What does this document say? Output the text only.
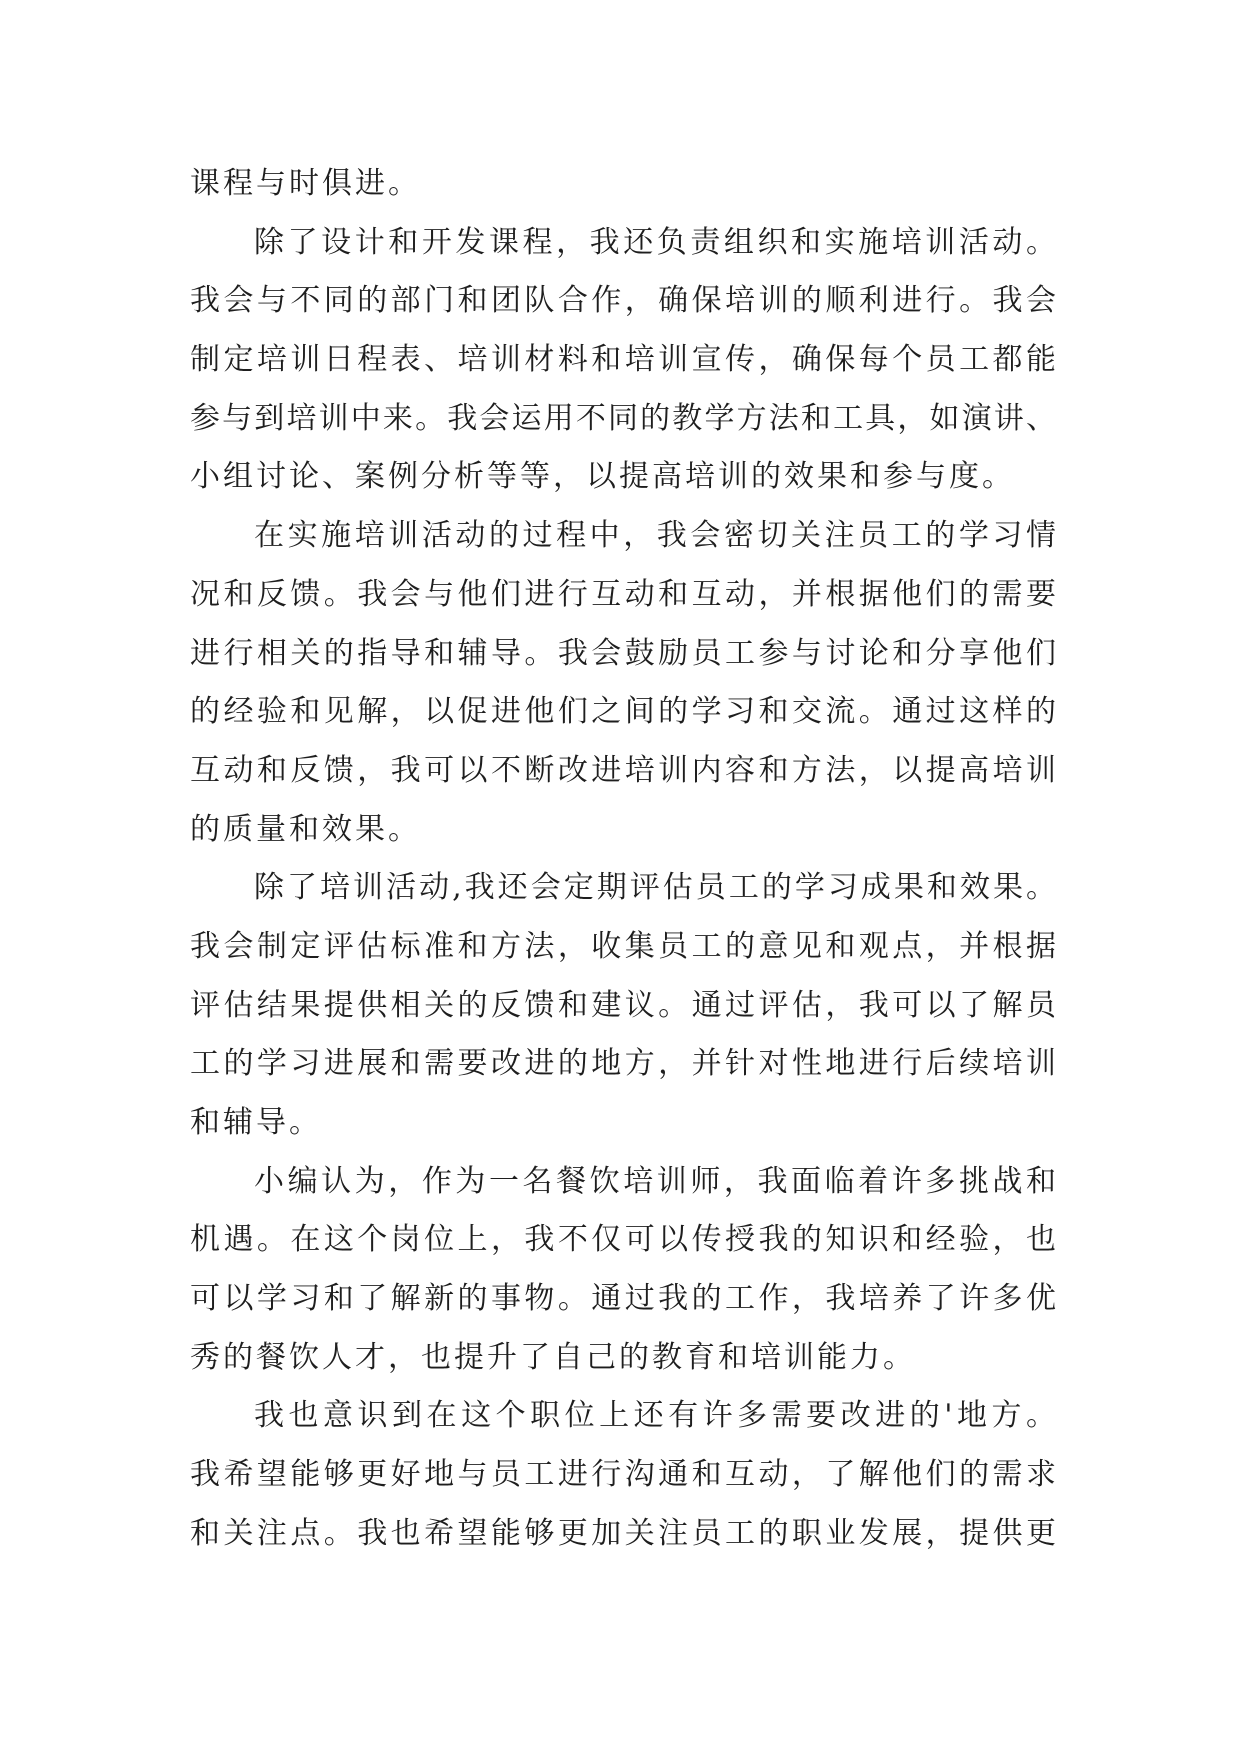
课程与时俱进。
除了设计和开发课程，我还负责组织和实施培训活动。
我会与不同的部门和团队合作，确保培训的顺利进行。我会
制定培训日程表、培训材料和培训宣传，确保每个员工都能
参与到培训中来。我会运用不同的教学方法和工具，如演讲、
小组讨论、案例分析等等，以提高培训的效果和参与度。
在实施培训活动的过程中，我会密切关注员工的学习情
况和反馈。我会与他们进行互动和互动，并根据他们的需要
进行相关的指导和辅导。我会鼓励员工参与讨论和分享他们
的经验和见解，以促进他们之间的学习和交流。通过这样的
互动和反馈，我可以不断改进培训内容和方法，以提高培训
的质量和效果。
除了培训活动,我还会定期评估员工的学习成果和效果。
我会制定评估标准和方法，收集员工的意见和观点，并根据
评估结果提供相关的反馈和建议。通过评估，我可以了解员
工的学习进展和需要改进的地方，并针对性地进行后续培训
和辅导。
小编认为，作为一名餐饮培训师，我面临着许多挑战和
机遇。在这个岗位上，我不仅可以传授我的知识和经验，也
可以学习和了解新的事物。通过我的工作，我培养了许多优
秀的餐饮人才，也提升了自己的教育和培训能力。
我也意识到在这个职位上还有许多需要改进的'地方。
我希望能够更好地与员工进行沟通和互动，了解他们的需求
和关注点。我也希望能够更加关注员工的职业发展，提供更
